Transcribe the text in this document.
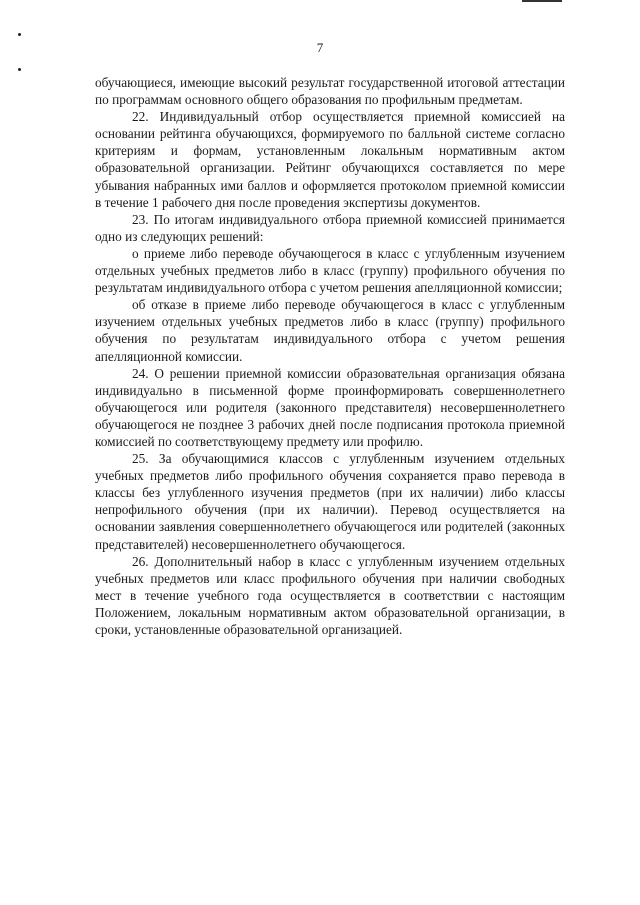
7

обучающиеся, имеющие высокий результат государственной итоговой аттестации по программам основного общего образования по профильным предметам.

22. Индивидуальный отбор осуществляется приемной комиссией на основании рейтинга обучающихся, формируемого по балльной системе согласно критериям и формам, установленным локальным нормативным актом образовательной организации. Рейтинг обучающихся составляется по мере убывания набранных ими баллов и оформляется протоколом приемной комиссии в течение 1 рабочего дня после проведения экспертизы документов.

23. По итогам индивидуального отбора приемной комиссией принимается одно из следующих решений:

о приеме либо переводе обучающегося в класс с углубленным изучением отдельных учебных предметов либо в класс (группу) профильного обучения по результатам индивидуального отбора с учетом решения апелляционной комиссии;

об отказе в приеме либо переводе обучающегося в класс с углубленным изучением отдельных учебных предметов либо в класс (группу) профильного обучения по результатам индивидуального отбора с учетом решения апелляционной комиссии.

24. О решении приемной комиссии образовательная организация обязана индивидуально в письменной форме проинформировать совершеннолетнего обучающегося или родителя (законного представителя) несовершеннолетнего обучающегося не позднее 3 рабочих дней после подписания протокола приемной комиссией по соответствующему предмету или профилю.

25. За обучающимися классов с углубленным изучением отдельных учебных предметов либо профильного обучения сохраняется право перевода в классы без углубленного изучения предметов (при их наличии) либо классы непрофильного обучения (при их наличии). Перевод осуществляется на основании заявления совершеннолетнего обучающегося или родителей (законных представителей) несовершеннолетнего обучающегося.

26. Дополнительный набор в класс с углубленным изучением отдельных учебных предметов или класс профильного обучения при наличии свободных мест в течение учебного года осуществляется в соответствии с настоящим Положением, локальным нормативным актом образовательной организации, в сроки, установленные образовательной организацией.
